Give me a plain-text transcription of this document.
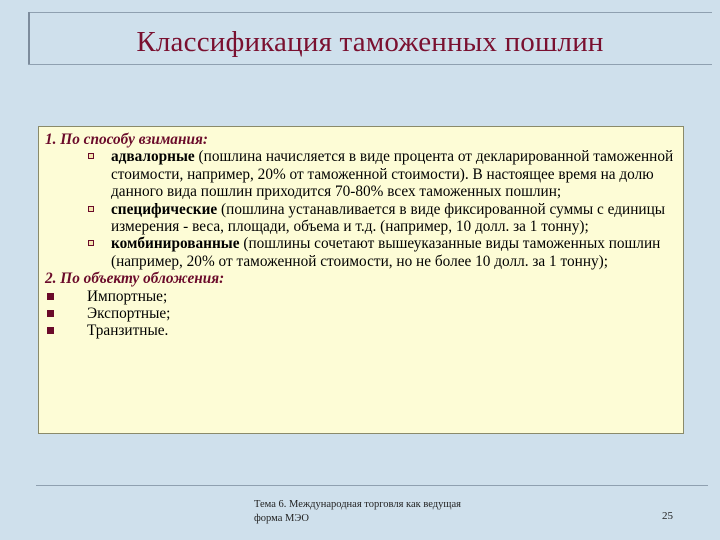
Классификация таможенных пошлин
1. По способу взимания:
адвалорные (пошлина начисляется в виде процента от декларированной таможенной стоимости, например, 20% от таможенной стоимости). В настоящее время на долю данного вида пошлин приходится 70-80% всех таможенных пошлин;
специфические (пошлина устанавливается в виде фиксированной суммы с единицы измерения - веса, площади, объема и т.д. (например, 10 долл. за 1 тонну);
комбинированные (пошлины сочетают вышеуказанные виды таможенных пошлин (например, 20% от таможенной стоимости, но не более 10 долл. за 1 тонну);
2. По объекту обложения:
Импортные;
Экспортные;
Транзитные.
Тема 6. Международная торговля как ведущая форма МЭО	25
